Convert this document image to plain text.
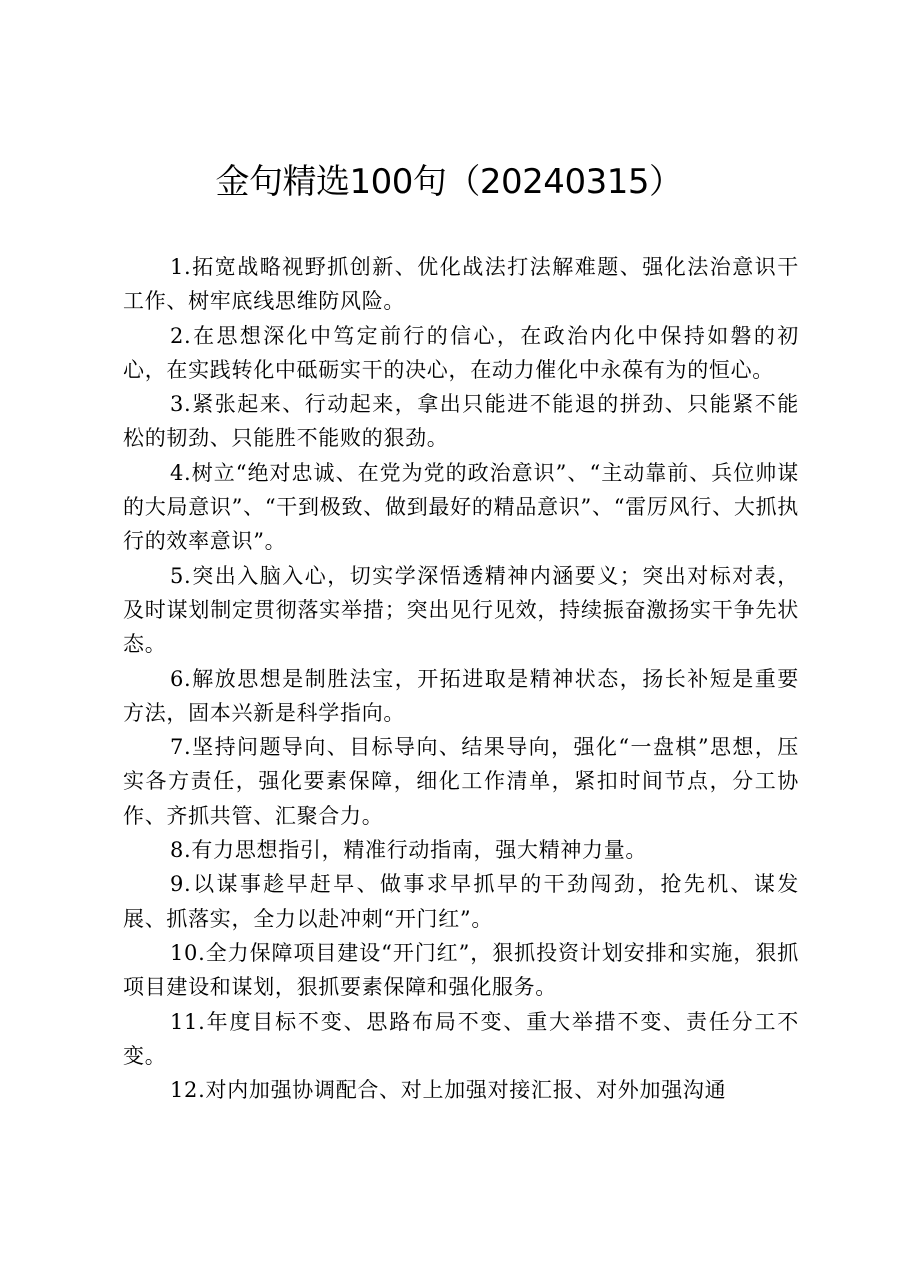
金句精选100句（20240315）

1.拓宽战略视野抓创新、优化战法打法解难题、强化法治意识干工作、树牢底线思维防风险。

2.在思想深化中笃定前行的信心，在政治内化中保持如磐的初心，在实践转化中砥砺实干的决心，在动力催化中永葆有为的恒心。

3.紧张起来、行动起来，拿出只能进不能退的拼劲、只能紧不能松的韧劲、只能胜不能败的狠劲。

4.树立“绝对忠诚、在党为党的政治意识”、“主动靠前、兵位帅谋的大局意识”、“干到极致、做到最好的精品意识”、“雷厉风行、大抓执行的效率意识”。

5.突出入脑入心，切实学深悟透精神内涵要义；突出对标对表，及时谋划制定贯彻落实举措；突出见行见效，持续振奋激扬实干争先状态。

6.解放思想是制胜法宝，开拓进取是精神状态，扬长补短是重要方法，固本兴新是科学指向。

7.坚持问题导向、目标导向、结果导向，强化“一盘棋”思想，压实各方责任，强化要素保障，细化工作清单，紧扣时间节点，分工协作、齐抓共管、汇聚合力。

8.有力思想指引，精准行动指南，强大精神力量。

9.以谋事趁早赶早、做事求早抓早的干劲闯劲，抢先机、谋发展、抓落实，全力以赴冲刺“开门红”。

10.全力保障项目建设“开门红”，狠抓投资计划安排和实施，狠抓项目建设和谋划，狠抓要素保障和强化服务。

11.年度目标不变、思路布局不变、重大举措不变、责任分工不变。

12.对内加强协调配合、对上加强对接汇报、对外加强沟通
